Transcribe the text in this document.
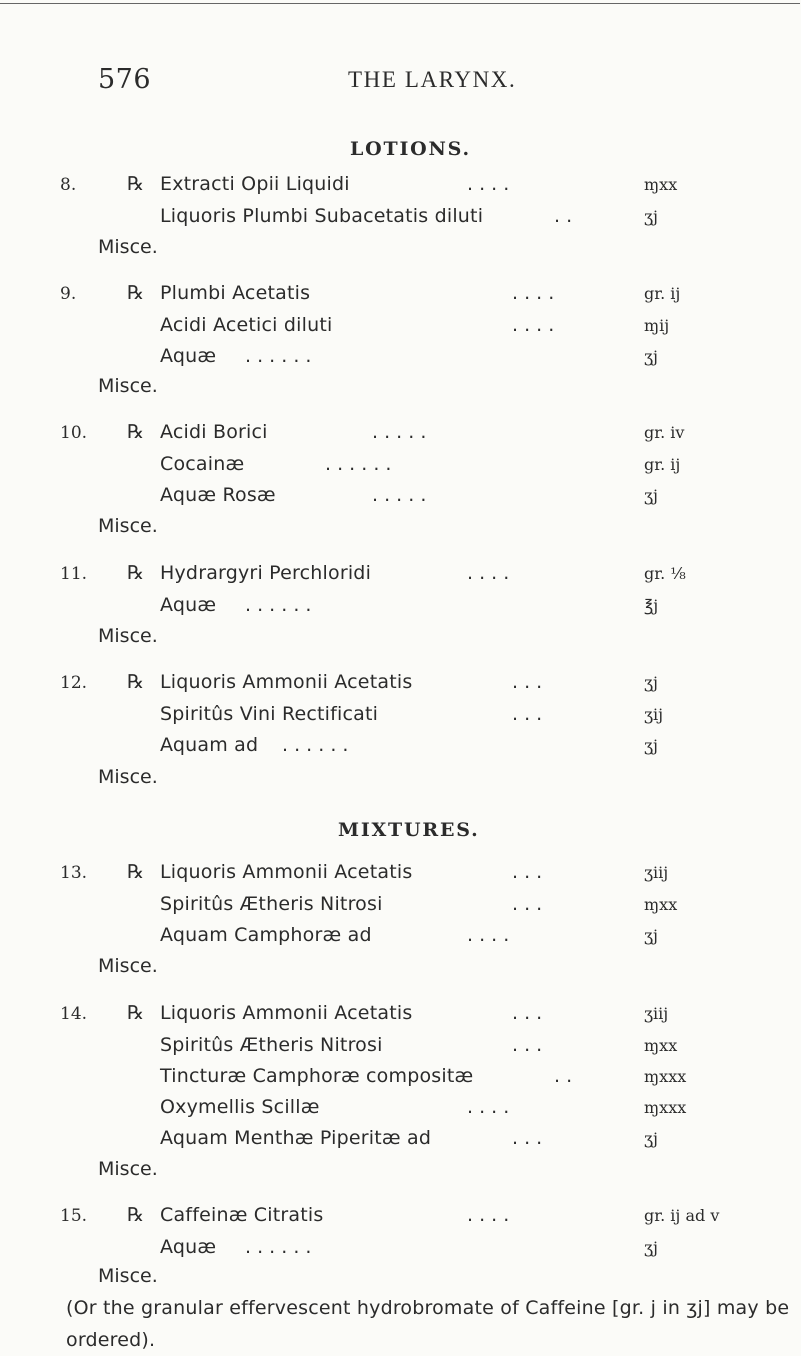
576	THE LARYNX.
LOTIONS.
8.	℞ Extracti Opii Liquidi	. . . .	ɱxx
Liquoris Plumbi Subacetatis diluti	. .	ʒj
Misce.
9.	℞ Plumbi Acetatis	. . . .	gr. ij
Acidi Acetici diluti	. . . .	ɱij
Aquæ . . . . . .	ʒj
Misce.
10. ℞ Acidi Borici	. . . . .	gr. iv
Cocainæ	. . . . . .	gr. ij
Aquæ Rosæ	. . . . .	ʒj
Misce.
11. ℞ Hydrargyri Perchloridi	. . . .	gr. ⅛
Aquæ . . . . . .	℥j
Misce.
12. ℞ Liquoris Ammonii Acetatis	. . .	ʒj
Spiritûs Vini Rectificati	. . .	ʒij
Aquam ad . . . . . .	ʒj
Misce.
MIXTURES.
13. ℞ Liquoris Ammonii Acetatis	. . .	ʒiij
Spiritûs Ætheris Nitrosi	. . .	ɱxx
Aquam Camphoræ ad	. . . .	ʒj
Misce.
14. ℞ Liquoris Ammonii Acetatis	. . .	ʒiij
Spiritûs Ætheris Nitrosi	. . .	ɱxx
Tincturæ Camphoræ compositæ	. .	ɱxxx
Oxymellis Scillæ	. . . .	ɱxxx
Aquam Menthæ Piperitæ ad	. . .	ʒj
Misce.
15. ℞ Caffeinæ Citratis	. . . .	gr. ij ad v
Aquæ . . . . . .	ʒj
Misce.
(Or the granular effervescent hydrobromate of Caffeine [gr. j in ʒj] may be ordered).
